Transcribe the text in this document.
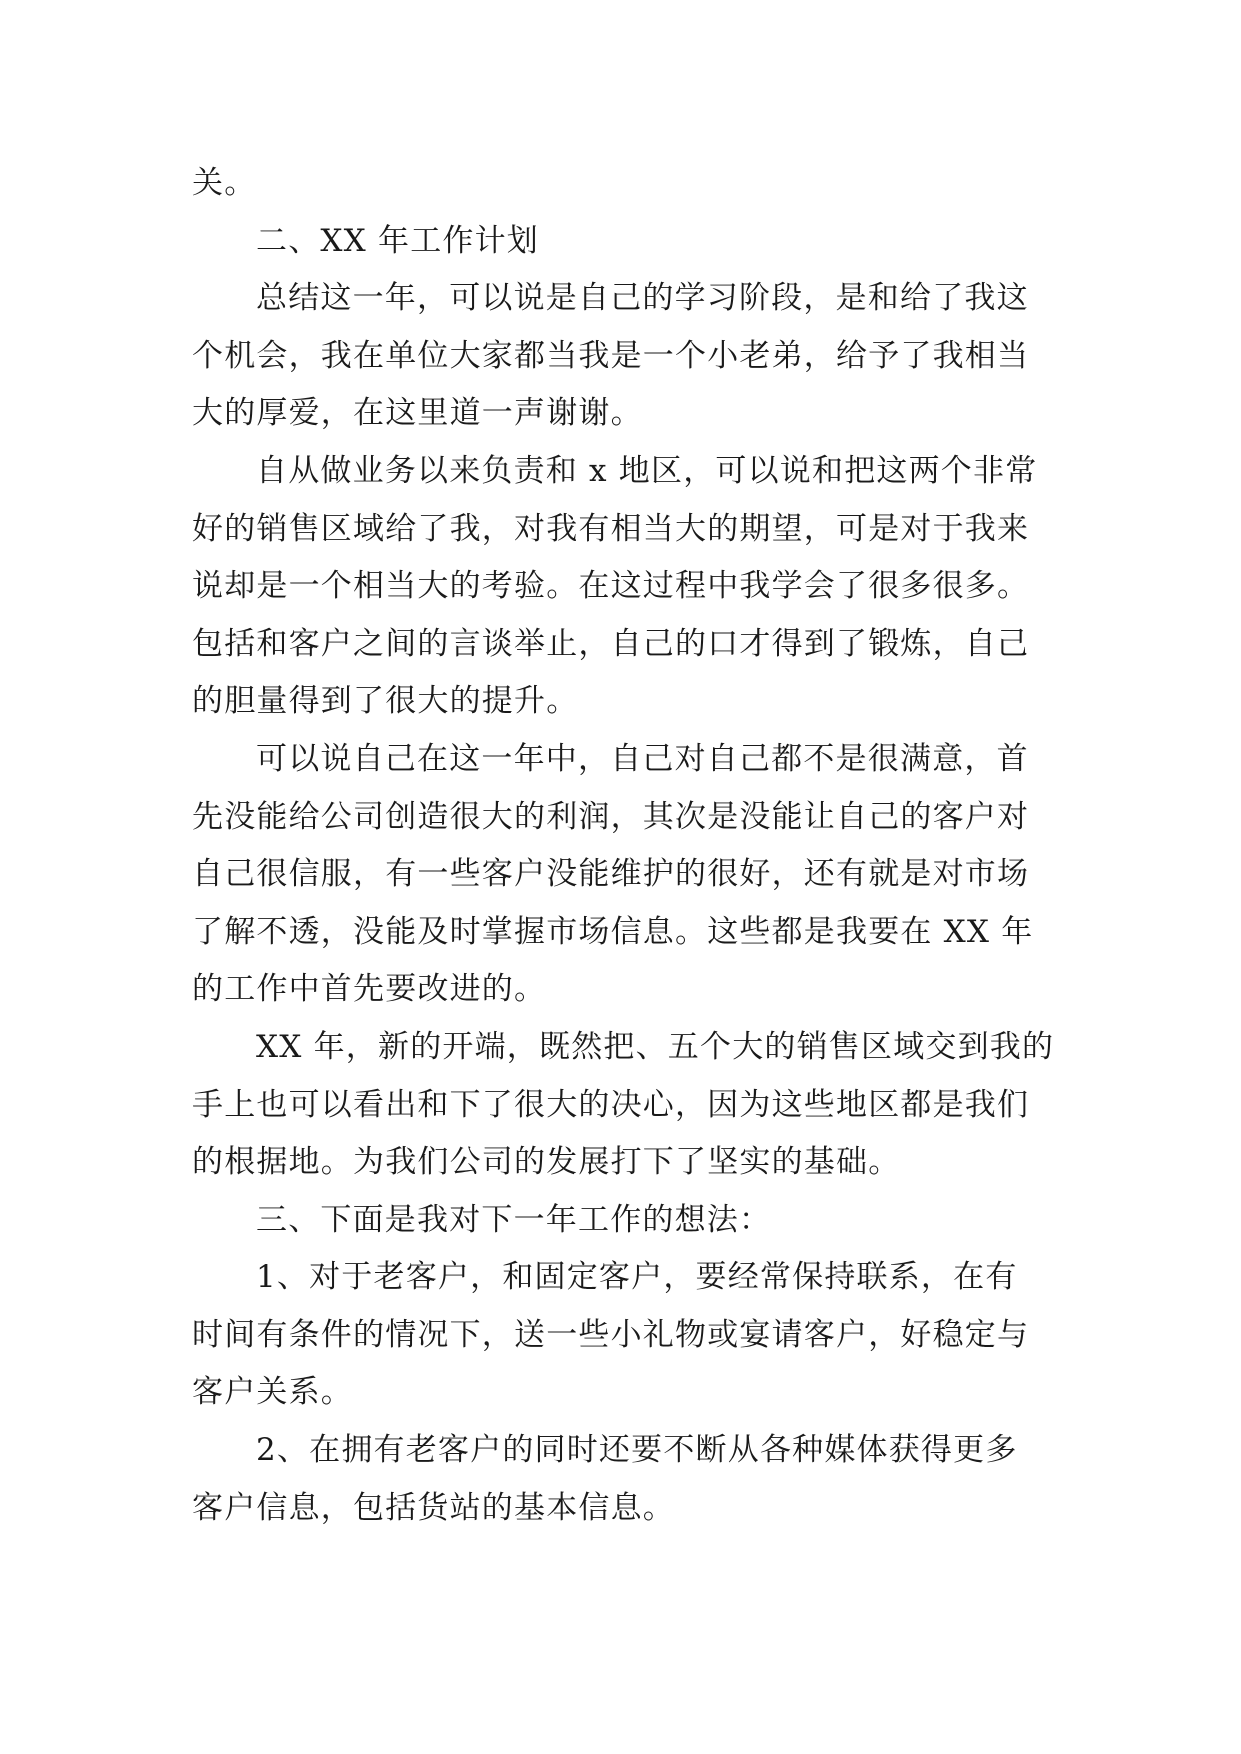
关。
二、XX 年工作计划
总结这一年，可以说是自己的学习阶段，是和给了我这
个机会，我在单位大家都当我是一个小老弟，给予了我相当
大的厚爱，在这里道一声谢谢。
自从做业务以来负责和 x 地区，可以说和把这两个非常
好的销售区域给了我，对我有相当大的期望，可是对于我来
说却是一个相当大的考验。在这过程中我学会了很多很多。
包括和客户之间的言谈举止，自己的口才得到了锻炼，自己
的胆量得到了很大的提升。
可以说自己在这一年中，自己对自己都不是很满意，首
先没能给公司创造很大的利润，其次是没能让自己的客户对
自己很信服，有一些客户没能维护的很好，还有就是对市场
了解不透，没能及时掌握市场信息。这些都是我要在 XX 年
的工作中首先要改进的。
XX 年，新的开端，既然把、五个大的销售区域交到我的
手上也可以看出和下了很大的决心，因为这些地区都是我们
的根据地。为我们公司的发展打下了坚实的基础。
三、下面是我对下一年工作的想法：
1、对于老客户，和固定客户，要经常保持联系，在有
时间有条件的情况下，送一些小礼物或宴请客户，好稳定与
客户关系。
2、在拥有老客户的同时还要不断从各种媒体获得更多
客户信息，包括货站的基本信息。
